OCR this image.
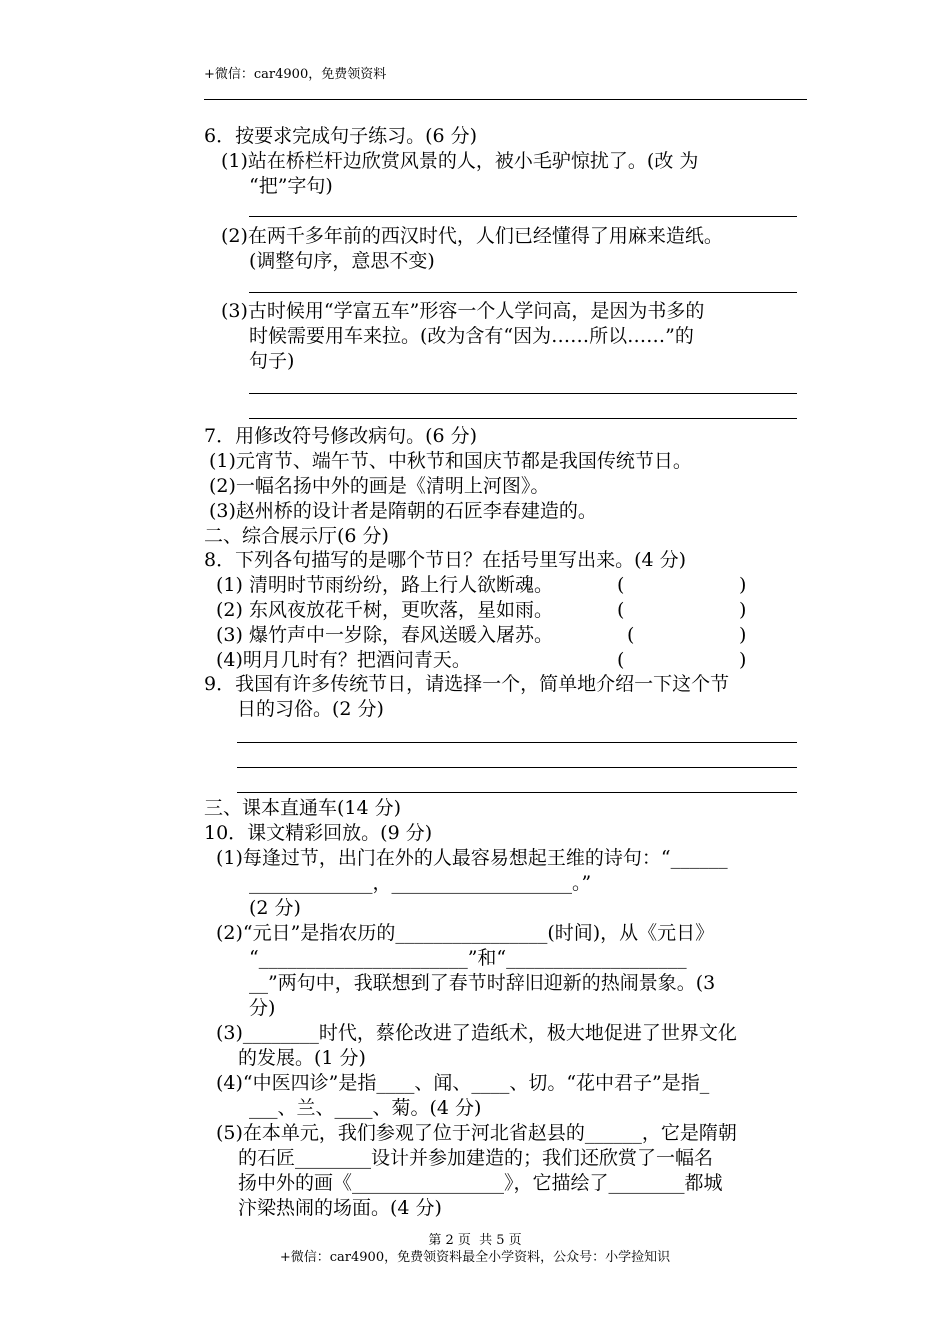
+微信：car4900，免费领资料
6．按要求完成句子练习。(6 分)
(1)站在桥栏杆边欣赏风景的人，被小毛驴惊扰了。(改 为
“把”字句)
(2)在两千多年前的西汉时代，人们已经懂得了用麻来造纸。
(调整句序，意思不变)
(3)古时候用“学富五车”形容一个人学问高，是因为书多的
时候需要用车来拉。(改为含有“因为……所以……”的
句子)
7．用修改符号修改病句。(6 分)
(1)元宵节、端午节、中秋节和国庆节都是我国传统节日。
(2)一幅名扬中外的画是《清明上河图》。
(3)赵州桥的设计者是隋朝的石匠李春建造的。
二、综合展示厅(6 分)
8．下列各句描写的是哪个节日？在括号里写出来。(4 分)
(1) 清明时节雨纷纷，路上行人欲断魂。	(	)
(2) 东风夜放花千树，更吹落，星如雨。	(	)
(3) 爆竹声中一岁除，春风送暖入屠苏。	(	)
(4)明月几时有？把酒问青天。	(	)
9．我国有许多传统节日，请选择一个，简单地介绍一下这个节
日的习俗。(2 分)
三、课本直通车(14 分)
10．课文精彩回放。(9 分)
(1)每逢过节，出门在外的人最容易想起王维的诗句：“______
_____________，___________________。”
(2 分)
(2)“元日”是指农历的________________(时间)，从《元日》
“______________________”和“___________________
__”两句中，我联想到了春节时辞旧迎新的热闹景象。(3
分)
(3)________时代，蔡伦改进了造纸术，极大地促进了世界文化
的发展。(1 分)
(4)“中医四诊”是指____、闻、____、切。“花中君子”是指_
___、兰、____、菊。(4 分)
(5)在本单元，我们参观了位于河北省赵县的______，它是隋朝
的石匠________设计并参加建造的；我们还欣赏了一幅名
扬中外的画《________________》，它描绘了________都城
汴梁热闹的场面。(4 分)
第 2 页  共 5 页
+微信：car4900，免费领资料最全小学资料，公众号：小学捡知识
